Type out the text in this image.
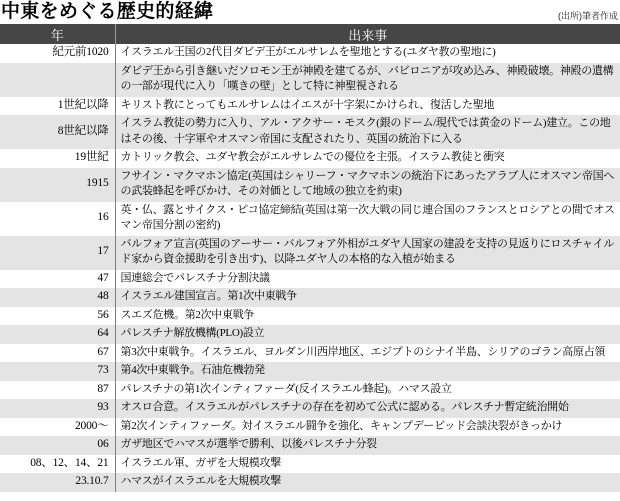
中東をめぐる歴史的経緯	(出所)筆者作成
年	出来事
紀元前1020	イスラエル王国の2代目ダビデ王がエルサレムを聖地とする(ユダヤ教の聖地に)
	ダビデ王から引き継いだソロモン王が神殿を建てるが、バビロニアが攻め込み、神殿破壊。神殿の遺構の一部が現代に入り「嘆きの壁」として特に神聖視される
1世紀以降	キリスト教にとってもエルサレムはイエスが十字架にかけられ、復活した聖地
8世紀以降	イスラム教徒の勢力に入り、アル・アクサー・モスク(銀のドーム/現代では黄金のドーム)建立。この地はその後、十字軍やオスマン帝国に支配されたり、英国の統治下に入る
19世紀	カトリック教会、ユダヤ教会がエルサレムでの優位を主張。イスラム教徒と衝突
1915	フサイン・マクマホン協定(英国はシャリーフ・マクマホンの統治下にあったアラブ人にオスマン帝国への武装蜂起を呼びかけ、その対価として地域の独立を約束)
16	英・仏、露とサイクス・ピコ協定締結(英国は第一次大戦の同じ連合国のフランスとロシアとの間でオスマン帝国分割の密約)
17	バルフォア宣言(英国のアーサー・バルフォア外相がユダヤ人国家の建設を支持の見返りにロスチャイルド家から資金援助を引き出す)、以降ユダヤ人の本格的な入植が始まる
47	国連総会でパレスチナ分割決議
48	イスラエル建国宣言。第1次中東戦争
56	スエズ危機。第2次中東戦争
64	パレスチナ解放機構(PLO)設立
67	第3次中東戦争。イスラエル、ヨルダン川西岸地区、エジプトのシナイ半島、シリアのゴラン高原占領
73	第4次中東戦争。石油危機勃発
87	パレスチナの第1次インティファーダ(反イスラエル蜂起)。ハマス設立
93	オスロ合意。イスラエルがパレスチナの存在を初めて公式に認める。パレスチナ暫定統治開始
2000〜	第2次インティファーダ。対イスラエル闘争を強化、キャンプデービッド会談決裂がきっかけ
06	ガザ地区でハマスが選挙で勝利、以後パレスチナ分裂
08、12、14、21	イスラエル軍、ガザを大規模攻撃
23.10.7	ハマスがイスラエルを大規模攻撃
